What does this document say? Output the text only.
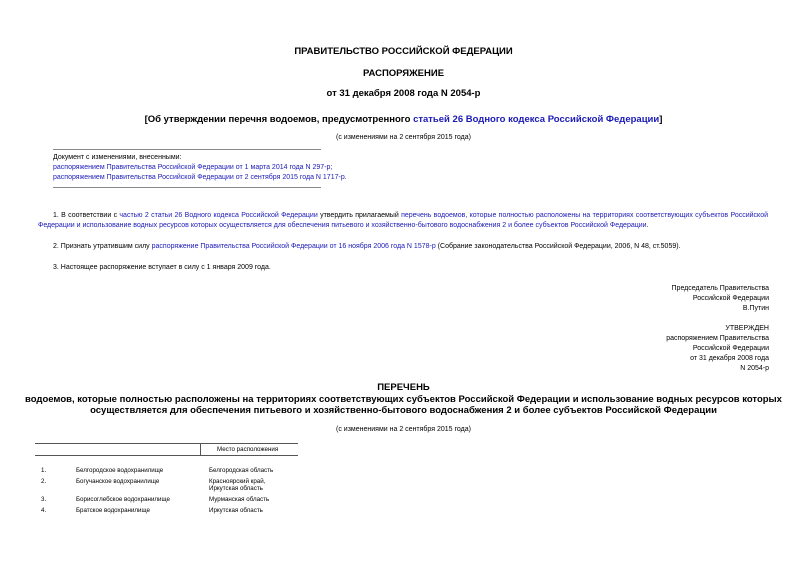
ПРАВИТЕЛЬСТВО РОССИЙСКОЙ ФЕДЕРАЦИИ
РАСПОРЯЖЕНИЕ
от 31 декабря 2008 года N 2054-р
[Об утверждении перечня водоемов, предусмотренного статьей 26 Водного кодекса Российской Федерации]
(с изменениями на 2 сентября 2015 года)
Документ с изменениями, внесенными:
распоряжением Правительства Российской Федерации от 1 марта 2014 года N 297-р;
распоряжением Правительства Российской Федерации от 2 сентября 2015 года N 1717-р.
1. В соответствии с частью 2 статьи 26 Водного кодекса Российской Федерации утвердить прилагаемый перечень водоемов, которые полностью расположены на территориях соответствующих субъектов Российской Федерации и использование водных ресурсов которых осуществляется для обеспечения питьевого и хозяйственно-бытового водоснабжения 2 и более субъектов Российской Федерации.
2. Признать утратившим силу распоряжение Правительства Российской Федерации от 16 ноября 2006 года N 1578-р (Собрание законодательства Российской Федерации, 2006, N 48, ст.5059).
3. Настоящее распоряжение вступает в силу с 1 января 2009 года.
Председатель Правительства
Российской Федерации
В.Путин
УТВЕРЖДЕН
распоряжением Правительства
Российской Федерации
от 31 декабря 2008 года
N 2054-р
ПЕРЕЧЕНЬ
водоемов, которые полностью расположены на территориях соответствующих субъектов Российской Федерации и использование водных ресурсов которых
осуществляется для обеспечения питьевого и хозяйственно-бытового водоснабжения 2 и более субъектов Российской Федерации
(с изменениями на 2 сентября 2015 года)
Место расположения
1.	Белгородское водохранилище	Белгородская область
2.	Богучанское водохранилище	Красноярский край,
Иркутская область

3.	Борисоглебское водохранилище	Мурманская область
4.	Братское водохранилище	Иркутская область
